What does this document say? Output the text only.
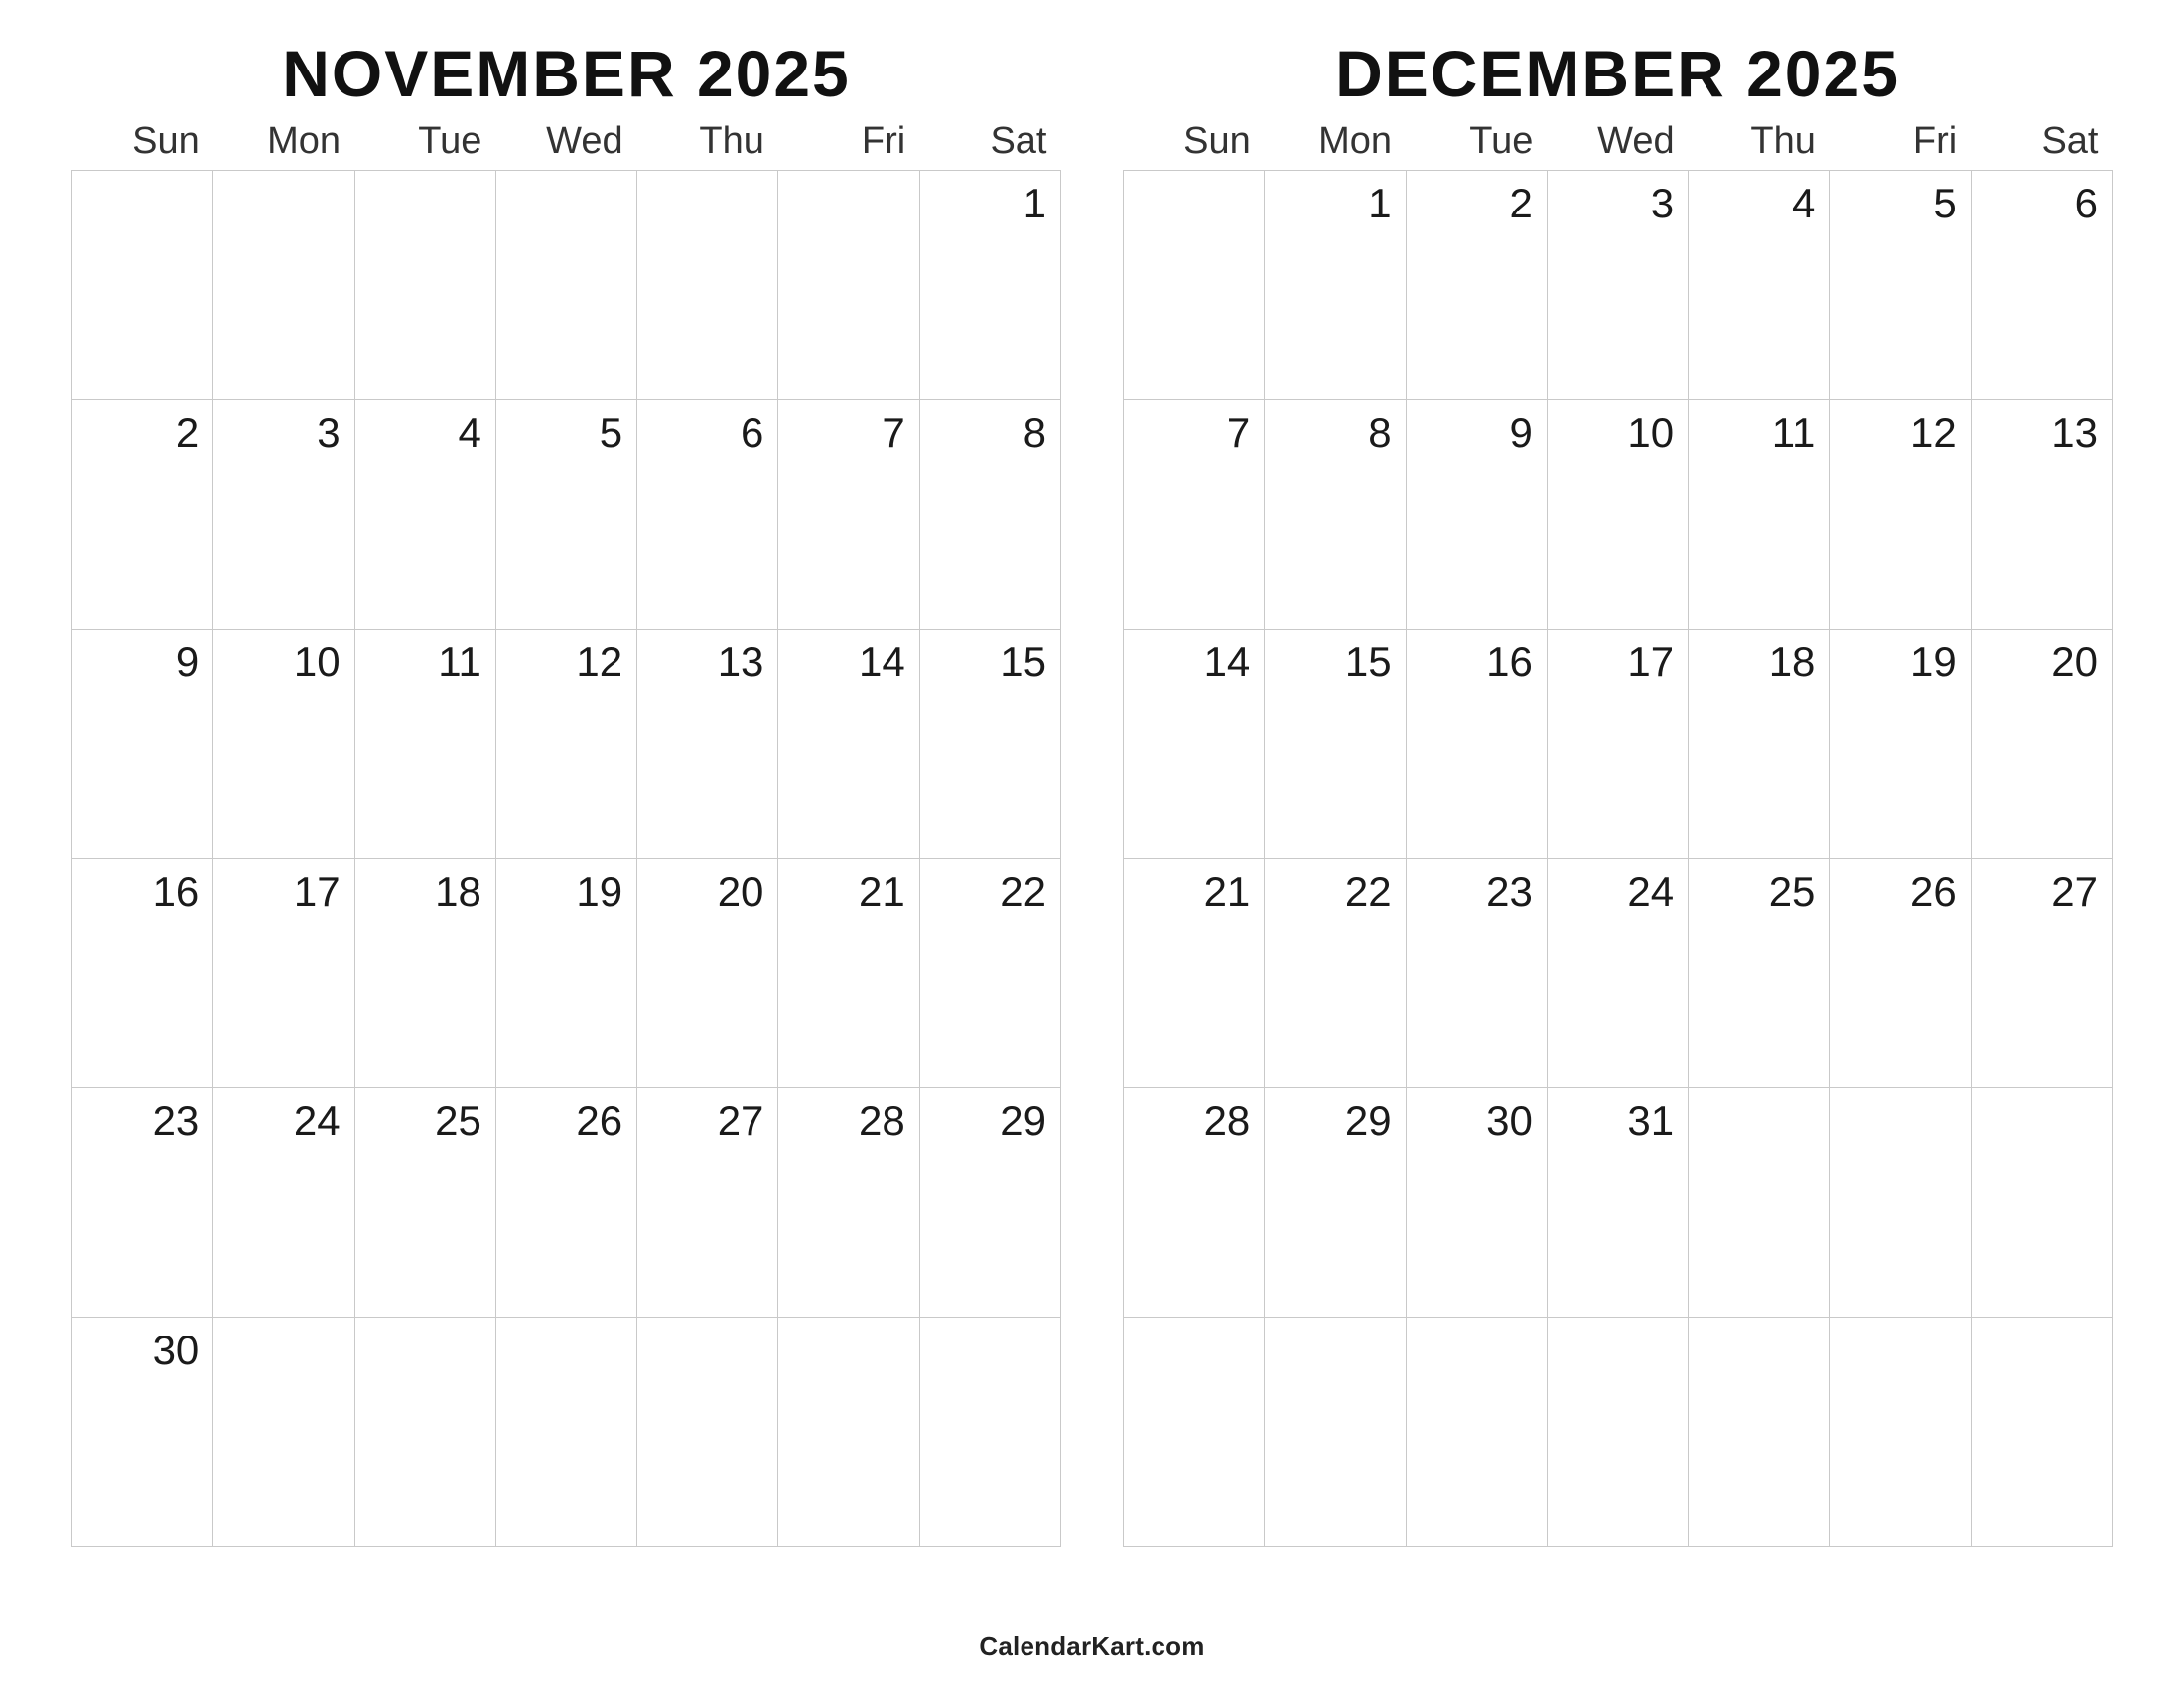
NOVEMBER 2025
Sun	Mon	Tue	Wed	Thu	Fri	Sat
						1
2	3	4	5	6	7	8
9	10	11	12	13	14	15
16	17	18	19	20	21	22
23	24	25	26	27	28	29
30						
DECEMBER 2025
Sun	Mon	Tue	Wed	Thu	Fri	Sat
	1	2	3	4	5	6
7	8	9	10	11	12	13
14	15	16	17	18	19	20
21	22	23	24	25	26	27
28	29	30	31			

CalendarKart.com
